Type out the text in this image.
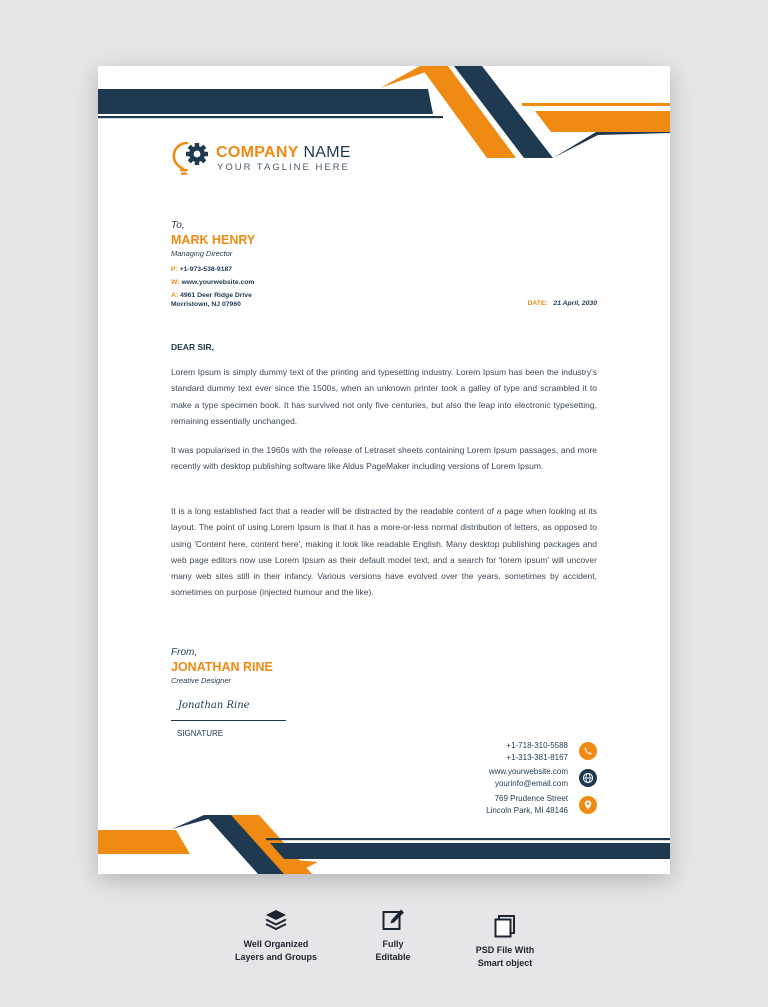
COMPANY NAME
YOUR TAGLINE HERE
To,
MARK HENRY
Managing Director
P: +1-973-538-9187
W: www.yourwebsite.com
A: 4961 Deer Ridge Drive
Morristown, NJ 07960	DATE: 21 April, 2030
DEAR SIR,

Lorem Ipsum is simply dummy text of the printing and typesetting industry. Lorem Ipsum has been the industry's standard dummy text ever since the 1500s, when an unknown printer took a galley of type and scrambled it to make a type specimen book. It has survived not only five centuries, but also the leap into electronic typesetting, remaining essentially unchanged.

It was popularised in the 1960s with the release of Letraset sheets containing Lorem Ipsum passages, and more recently with desktop publishing software like Aldus PageMaker including versions of Lorem Ipsum.

It is a long established fact that a reader will be distracted by the readable content of a page when looking at its layout. The point of using Lorem Ipsum is that it has a more-or-less normal distribution of letters, as opposed to using 'Content here, content here', making it look like readable English. Many desktop publishing packages and web page editors now use Lorem Ipsum as their default model text, and a search for 'lorem ipsum' will uncover many web sites still in their infancy. Various versions have evolved over the years, sometimes by accident, sometimes on purpose (injected humour and the like).

From,
JONATHAN RINE
Creative Designer
Jonathan Rine
SIGNATURE
+1-718-310-5588
+1-313-381-8167
www.yourwebsite.com
yourinfo@email.com
769 Prudence Street
Lincoln Park, MI 48146
Well Organized
Layers and Groups
Fully
Editable
PSD File With
Smart object
